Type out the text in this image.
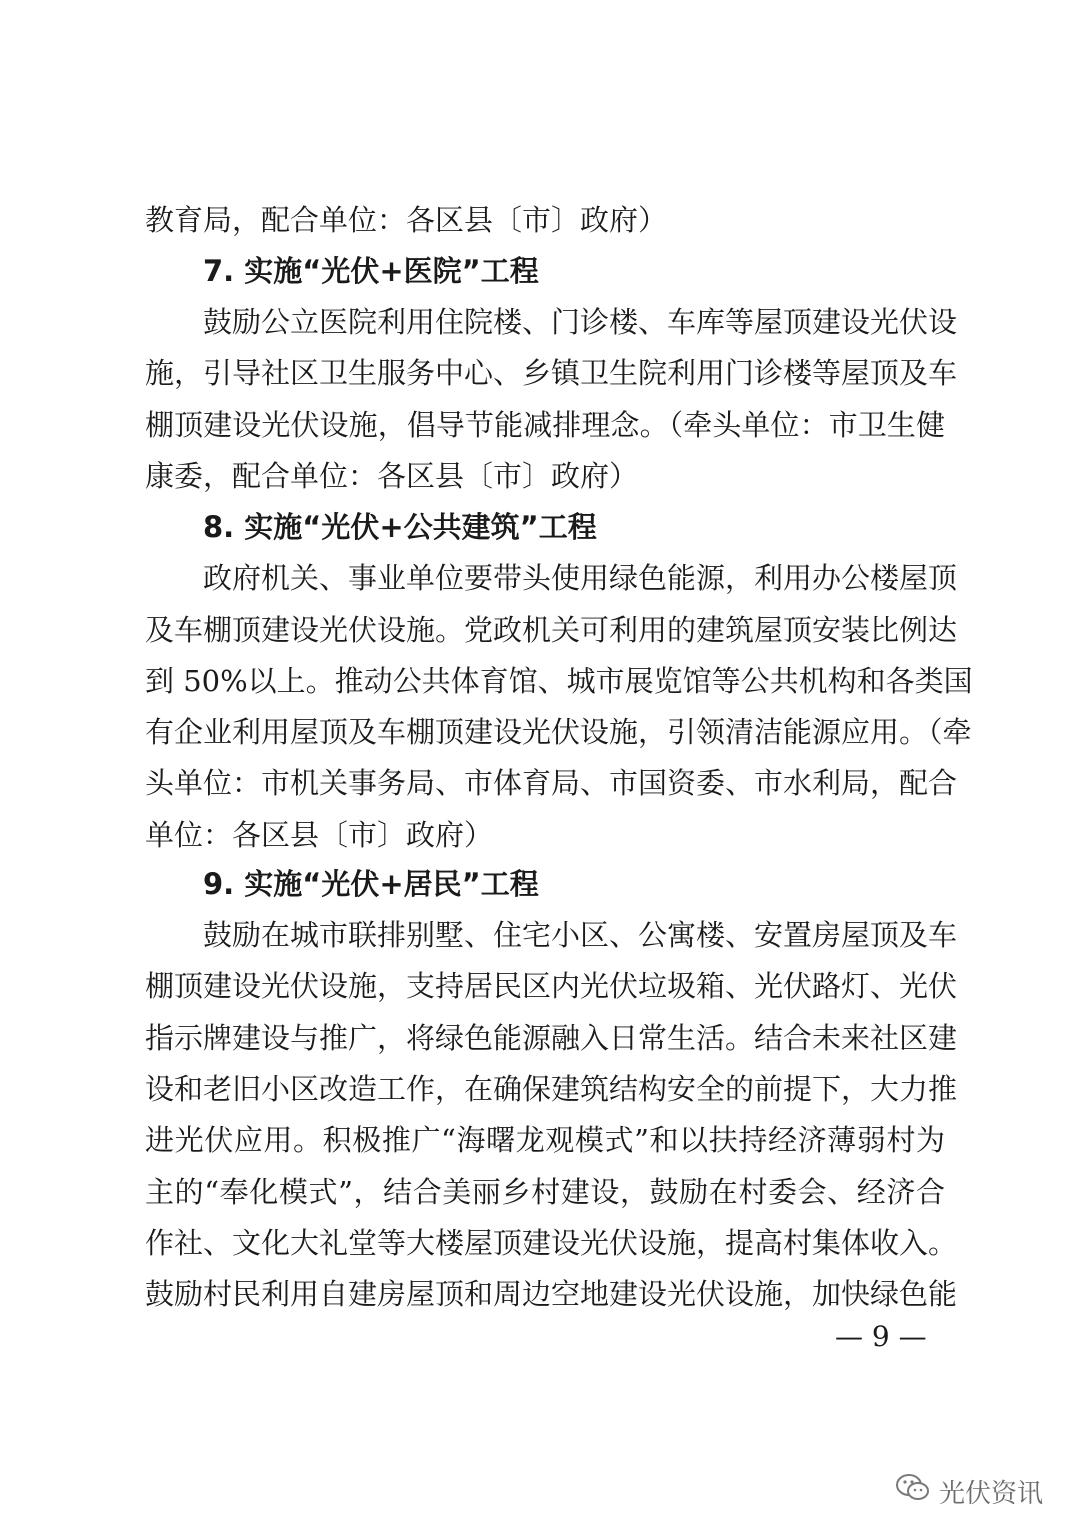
教育局，配合单位：各区县〔市〕政府）
7. 实施“光伏+医院”工程
鼓励公立医院利用住院楼、门诊楼、车库等屋顶建设光伏设
施，引导社区卫生服务中心、乡镇卫生院利用门诊楼等屋顶及车
棚顶建设光伏设施，倡导节能减排理念。（牵头单位：市卫生健
康委，配合单位：各区县〔市〕政府）
8. 实施“光伏+公共建筑”工程
政府机关、事业单位要带头使用绿色能源，利用办公楼屋顶
及车棚顶建设光伏设施。党政机关可利用的建筑屋顶安装比例达
到 50%以上。推动公共体育馆、城市展览馆等公共机构和各类国
有企业利用屋顶及车棚顶建设光伏设施，引领清洁能源应用。（牵
头单位：市机关事务局、市体育局、市国资委、市水利局，配合
单位：各区县〔市〕政府）
9. 实施“光伏+居民”工程
鼓励在城市联排别墅、住宅小区、公寓楼、安置房屋顶及车
棚顶建设光伏设施，支持居民区内光伏垃圾箱、光伏路灯、光伏
指示牌建设与推广，将绿色能源融入日常生活。结合未来社区建
设和老旧小区改造工作，在确保建筑结构安全的前提下，大力推
进光伏应用。积极推广“海曙龙观模式”和以扶持经济薄弱村为
主的“奉化模式”，结合美丽乡村建设，鼓励在村委会、经济合
作社、文化大礼堂等大楼屋顶建设光伏设施，提高村集体收入。
鼓励村民利用自建房屋顶和周边空地建设光伏设施，加快绿色能
— 9 —
光伏资讯
